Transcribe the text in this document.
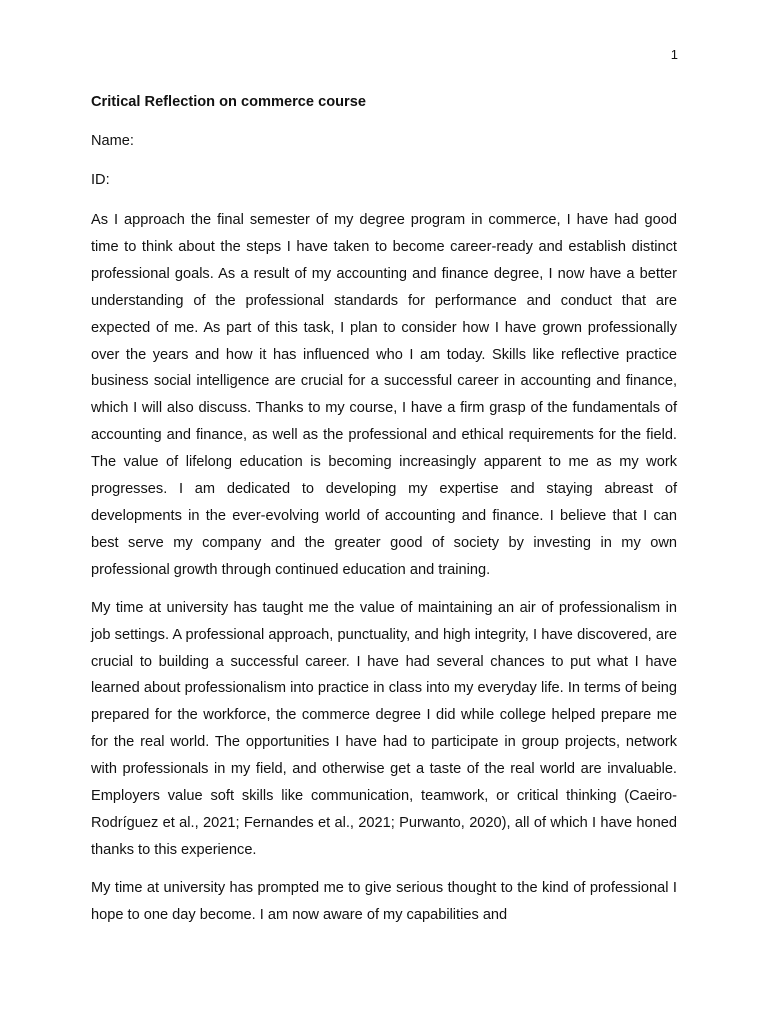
1
Critical Reflection on commerce course
Name:
ID:

As I approach the final semester of my degree program in commerce, I have had good time to think about the steps I have taken to become career-ready and establish distinct professional goals. As a result of my accounting and finance degree, I now have a better understanding of the professional standards for performance and conduct that are expected of me. As part of this task, I plan to consider how I have grown professionally over the years and how it has influenced who I am today. Skills like reflective practice business social intelligence are crucial for a successful career in accounting and finance, which I will also discuss. Thanks to my course, I have a firm grasp of the fundamentals of accounting and finance, as well as the professional and ethical requirements for the field. The value of lifelong education is becoming increasingly apparent to me as my work progresses. I am dedicated to developing my expertise and staying abreast of developments in the ever-evolving world of accounting and finance. I believe that I can best serve my company and the greater good of society by investing in my own professional growth through continued education and training.

My time at university has taught me the value of maintaining an air of professionalism in job settings. A professional approach, punctuality, and high integrity, I have discovered, are crucial to building a successful career. I have had several chances to put what I have learned about professionalism into practice in class into my everyday life. In terms of being prepared for the workforce, the commerce degree I did while college helped prepare me for the real world. The opportunities I have had to participate in group projects, network with professionals in my field, and otherwise get a taste of the real world are invaluable. Employers value soft skills like communication, teamwork, or critical thinking (Caeiro-Rodríguez et al., 2021; Fernandes et al., 2021; Purwanto, 2020), all of which I have honed thanks to this experience.

My time at university has prompted me to give serious thought to the kind of professional I hope to one day become. I am now aware of my capabilities and
